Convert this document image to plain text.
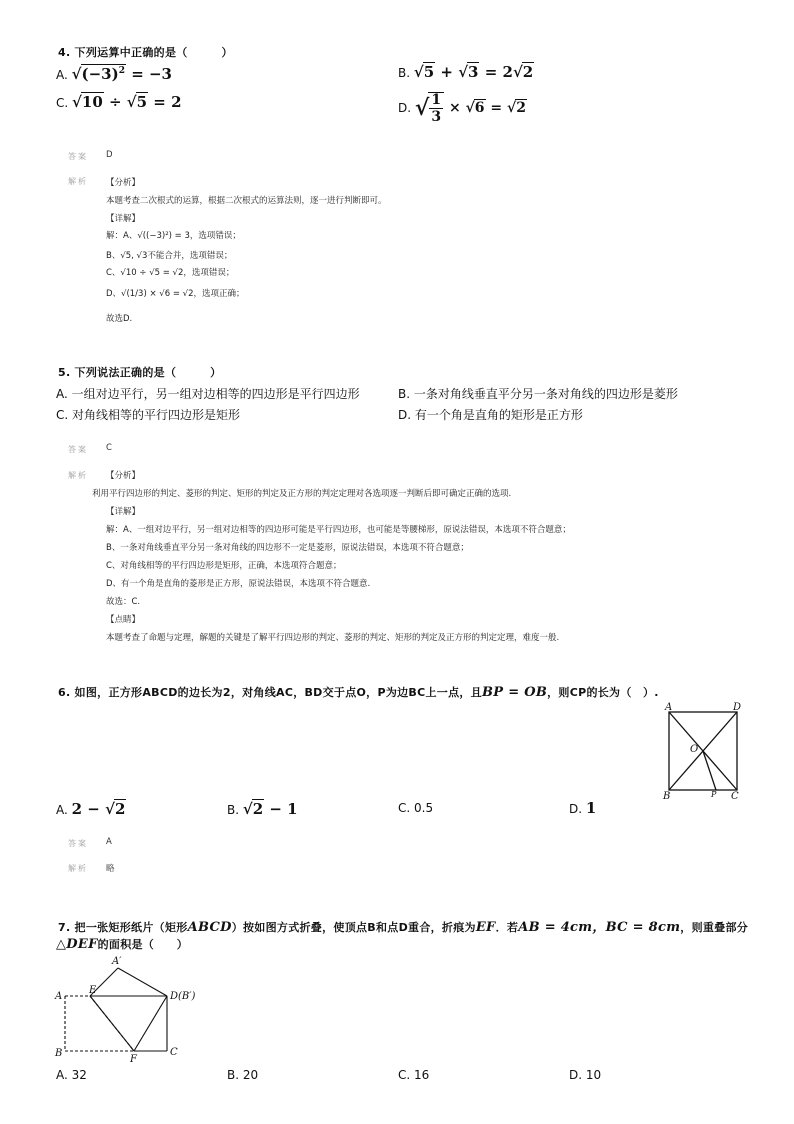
4. 下列运算中正确的是（　　　）
A. $√(-3)^2 = -3$	B. √5 + √3 = 2√2
C. √10 ÷ √5 = 2	D. √ $\frac{1}{3} \times √6 = √2$
答案 D
解析 【分析】
本题考查二次根式的运算，根据二次根式的运算法则，逐一进行判断即可。
【详解】
解：A、√((−3)²) = 3，选项错误；
B、√5, √3不能合并，选项错误；
C、√10 ÷ √5 = √2，选项错误；
D、√(1/3) × √6 = √2，选项正确；
故选D.
5. 下列说法正确的是（　　　）
A. 一组对边平行，另一组对边相等的四边形是平行四边形	B. 一条对角线垂直平分另一条对角线的四边形是菱形
C. 对角线相等的平行四边形是矩形	D. 有一个角是直角的矩形是正方形
答案 C
解析 【分析】
利用平行四边形的判定、菱形的判定、矩形的判定及正方形的判定定理对各选项逐一判断后即可确定正确的选项.
【详解】
解：A、一组对边平行，另一组对边相等的四边形可能是平行四边形，也可能是等腰梯形，原说法错误，本选项不符合题意；
B、一条对角线垂直平分另一条对角线的四边形不一定是菱形，原说法错误，本选项不符合题意；
C、对角线相等的平行四边形是矩形，正确，本选项符合题意；
D、有一个角是直角的菱形是正方形，原说法错误，本选项不符合题意.
故选：C.
【点睛】
本题考查了命题与定理，解题的关键是了解平行四边形的判定、菱形的判定、矩形的判定及正方形的判定定理，难度一般.
6. 如图，正方形ABCD的边长为2，对角线AC，BD交于点O，P为边BC上一点，且BP = OB，则CP的长为（　）.
A	D
O
B	P C
A. 2 − √2	B. √2 − 1	C. 0.5	D. 1
答案 A
解析 略
7. 把一张矩形纸片（矩形ABCD）按如图方式折叠，使顶点B和点D重合，折痕为EF．若AB = 4cm，BC = 8cm，则重叠部分
△DEF的面积是（　　）
A′
A
E
D(B′)
B
F
C
A. 32	B. 20	C. 16	D. 10
